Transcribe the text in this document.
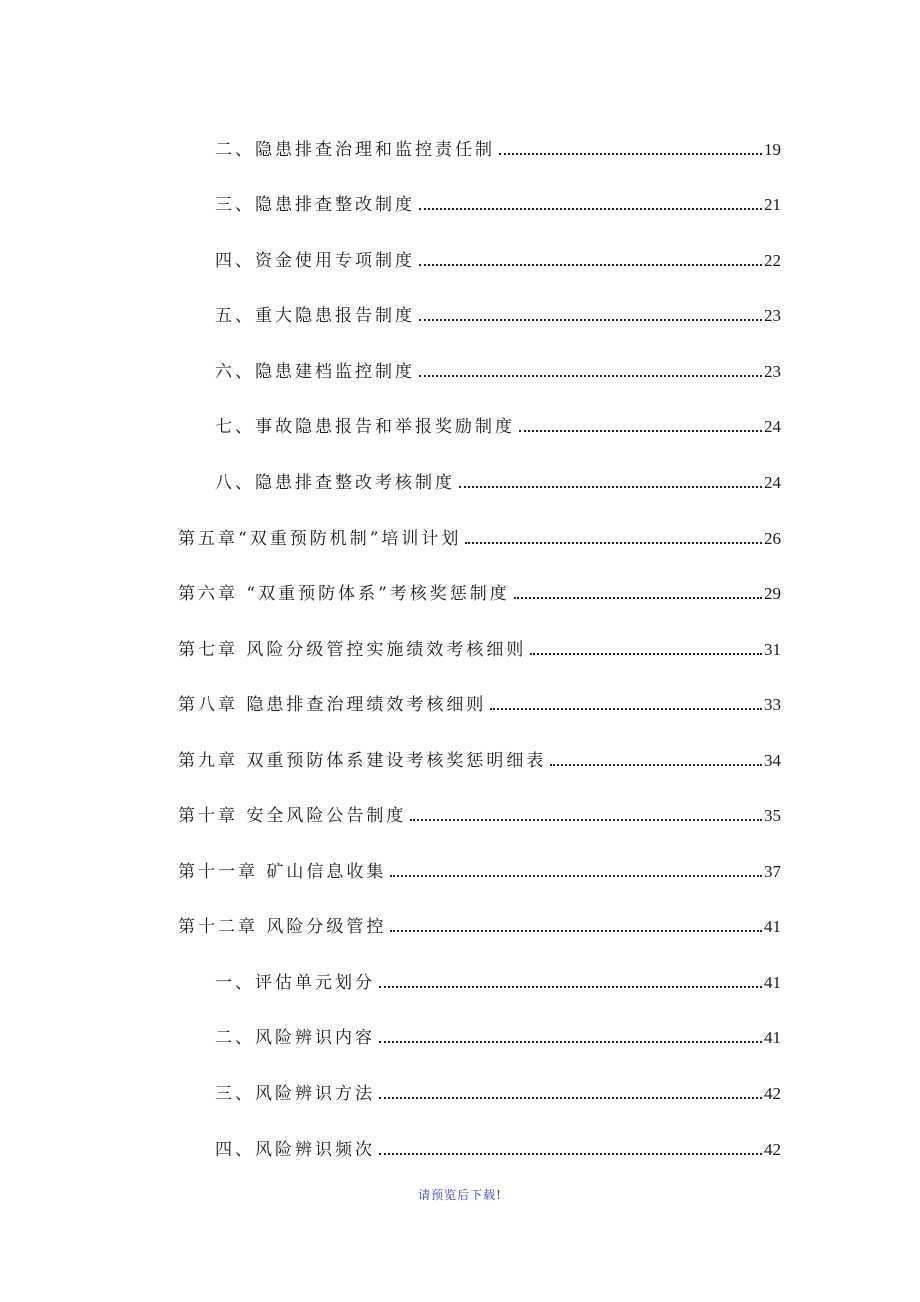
二、隐患排查治理和监控责任制	19
三、隐患排查整改制度	21
四、资金使用专项制度	22
五、重大隐患报告制度	23
六、隐患建档监控制度	23
七、事故隐患报告和举报奖励制度	24
八、隐患排查整改考核制度	24
第五章“双重预防机制”培训计划	26
第六章 “双重预防体系”考核奖惩制度	29
第七章 风险分级管控实施绩效考核细则	31
第八章 隐患排查治理绩效考核细则	33
第九章 双重预防体系建设考核奖惩明细表	34
第十章 安全风险公告制度	35
第十一章 矿山信息收集	37
第十二章 风险分级管控	41
一、评估单元划分	41
二、风险辨识内容	41
三、风险辨识方法	42
四、风险辨识频次	42
请预览后下载!
